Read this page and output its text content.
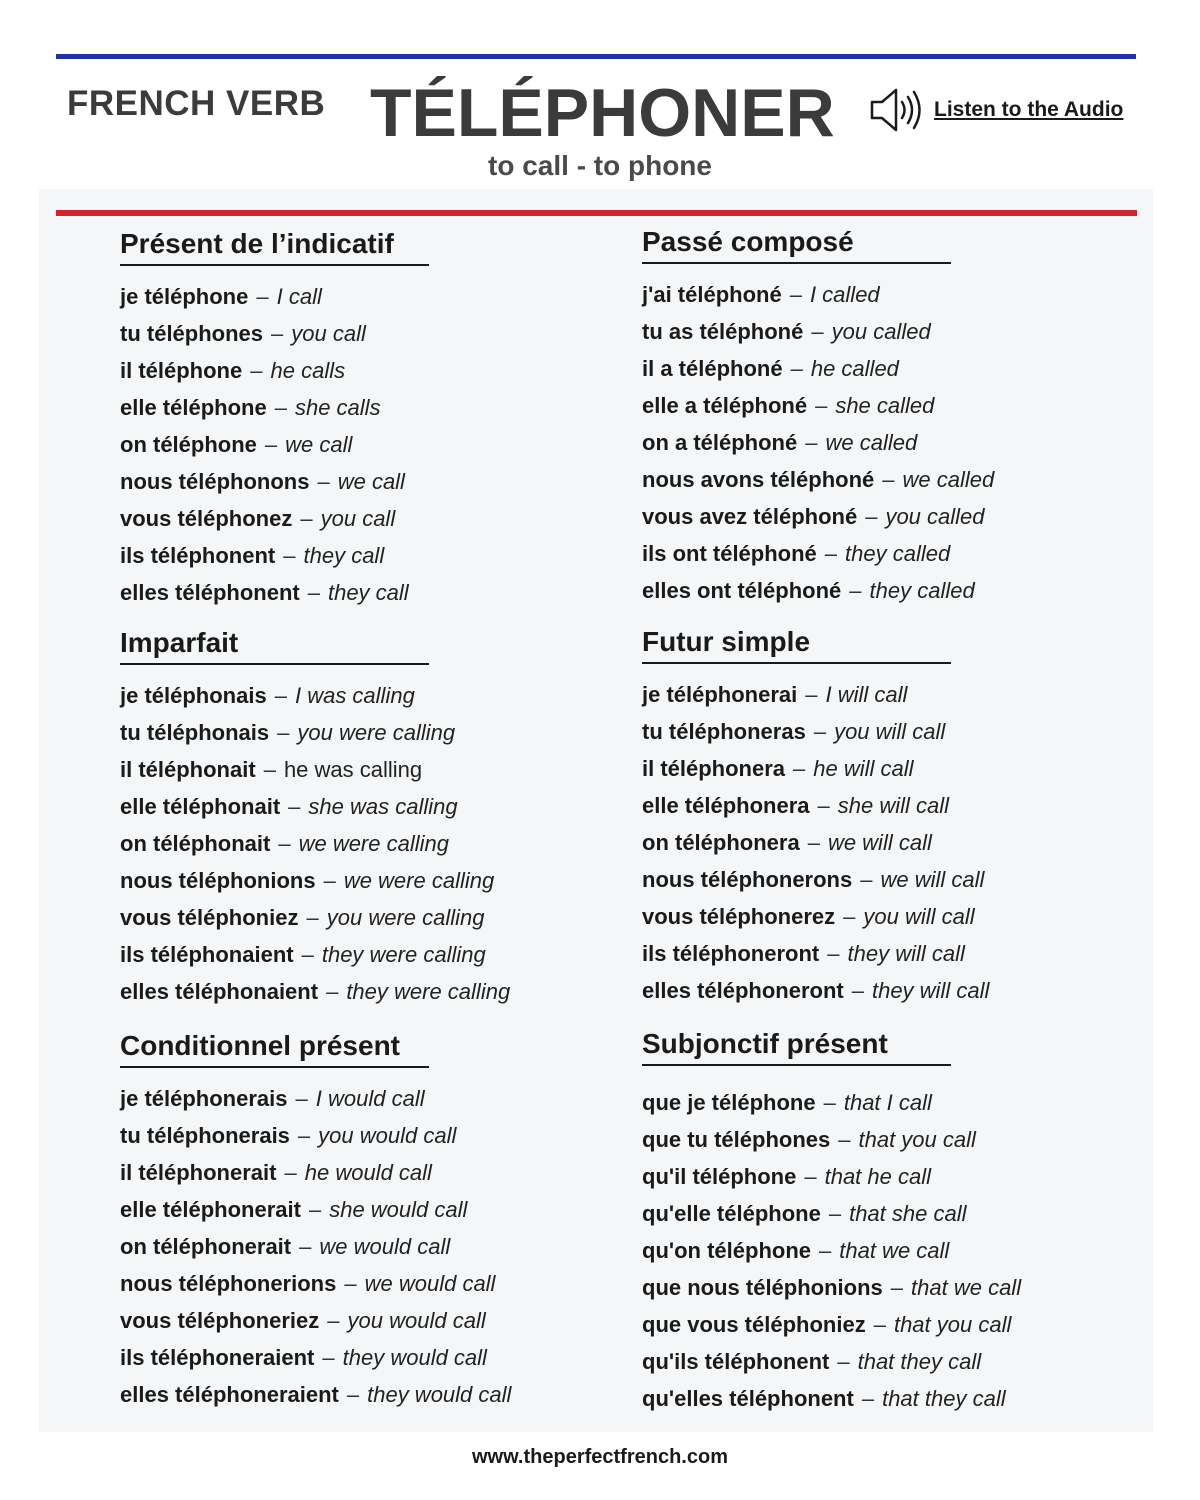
FRENCH VERB TÉLÉPHONER	Listen to the Audio
to call - to phone
Présent de l’indicatif
je téléphone – I call
tu téléphones – you call
il téléphone – he calls
elle téléphone – she calls
on téléphone – we call
nous téléphonons – we call
vous téléphonez – you call
ils téléphonent – they call
elles téléphonent – they call
Passé composé
j'ai téléphoné – I called
tu as téléphoné – you called
il a téléphoné – he called
elle a téléphoné – she called
on a téléphoné – we called
nous avons téléphoné – we called
vous avez téléphoné – you called
ils ont téléphoné – they called
elles ont téléphoné – they called
Imparfait
je téléphonais – I was calling
tu téléphonais – you were calling
il téléphonait – he was calling
elle téléphonait – she was calling
on téléphonait – we were calling
nous téléphonions – we were calling
vous téléphoniez – you were calling
ils téléphonaient – they were calling
elles téléphonaient – they were calling
Futur simple
je téléphonerai – I will call
tu téléphoneras – you will call
il téléphonera – he will call
elle téléphonera – she will call
on téléphonera – we will call
nous téléphonerons – we will call
vous téléphonerez – you will call
ils téléphoneront – they will call
elles téléphoneront – they will call
Conditionnel présent
je téléphonerais – I would call
tu téléphonerais – you would call
il téléphonerait – he would call
elle téléphonerait – she would call
on téléphonerait – we would call
nous téléphonerions – we would call
vous téléphoneriez – you would call
ils téléphoneraient – they would call
elles téléphoneraient – they would call
Subjonctif présent
que je téléphone – that I call
que tu téléphones – that you call
qu'il téléphone – that he call
qu'elle téléphone – that she call
qu'on téléphone – that we call
que nous téléphonions – that we call
que vous téléphoniez – that you call
qu'ils téléphonent – that they call
qu'elles téléphonent – that they call
www.theperfectfrench.com
